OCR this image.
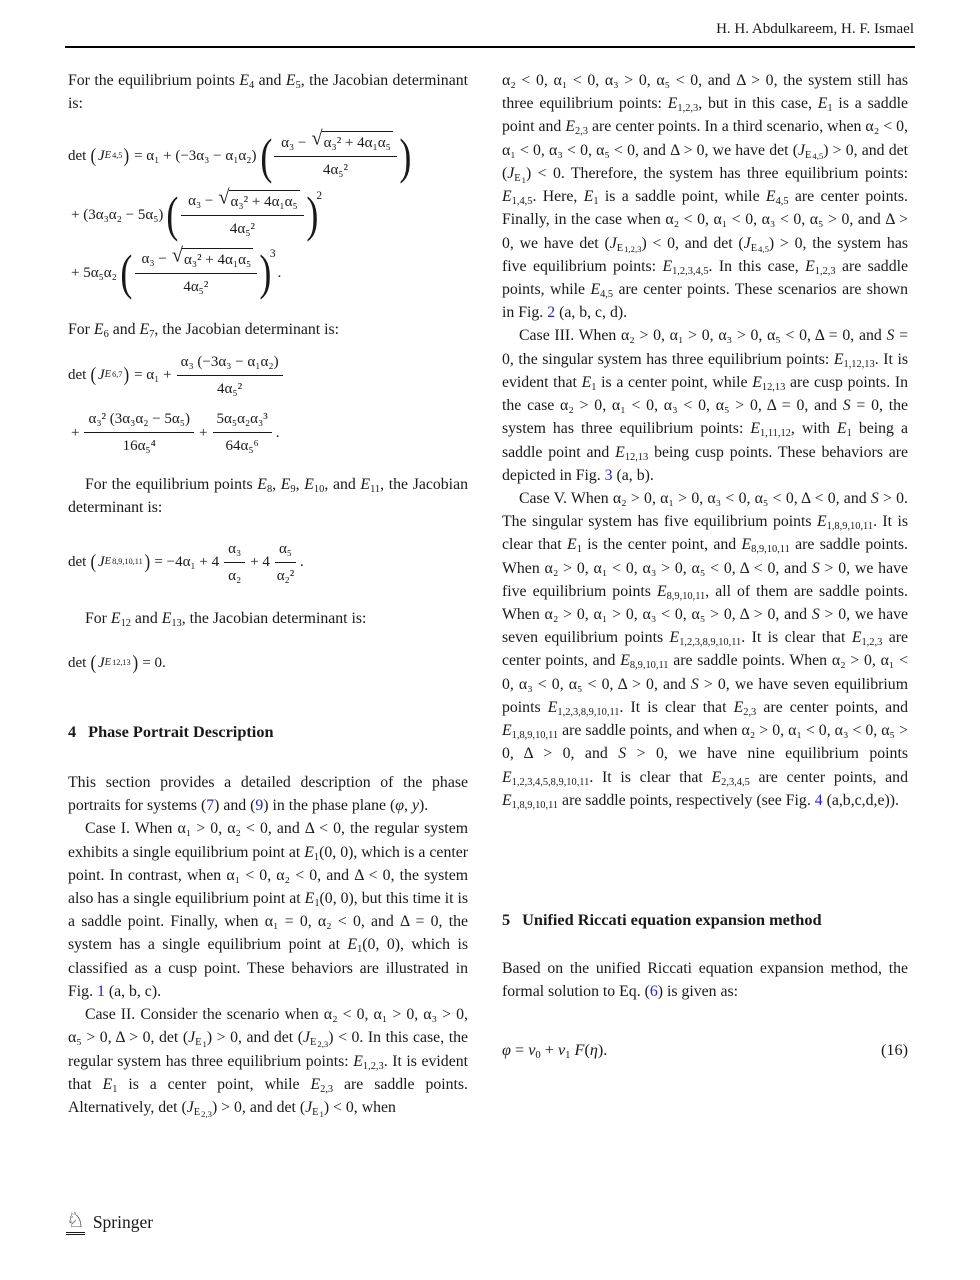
H. H. Abdulkareem, H. F. Ismael

For the equilibrium points $E_4$ and $E_5$, the Jacobian determinant is:

det ( J E 4,5 ) = α₁ + (−3α₃ − α₁α₂) ( $\frac{\text{α₃ − √ α₃² + 4α₁α₅}}{\text{4α₅²}}$ )
+ (3α₃α₂ − 5α₅) ( $\frac{\text{α₃ − √ α₃² + 4α₁α₅}}{\text{4α₅²}}$ )
2
+ 5α₅α₂ ( $\frac{\text{α₃ − √ α₃² + 4α₁α₅}}{\text{4α₅²}}$ )
3
.

For $E_6$ and $E_7$, the Jacobian determinant is:

det ( J E 6,7 ) = $\alpha_1 + \frac{\text{α₃ (−3α₃ − α₁α₂)}}{\text{4α₅²}}$
+ $\frac{\text{α₃² (3α₃α₂ − 5α₅)}}{\text{16α₅⁴}} + \frac{\text{5α₅α₂α₃³}}{\text{64α₅⁶}}$ .

For the equilibrium points $E_8$, $E_9$, $E_{10}$, and $E_{11}$, the Jacobian determinant is:

det ( J E 8,9,10,11 ) = $-4\alpha_1 + 4 \frac{\text{α₃}}{\text{α₂}} + 4 \frac{\text{α₅}}{\text{α₂²}}$ .

For $E_{12}$ and $E_{13}$, the Jacobian determinant is:

det ( J E 12,13 ) = 0.
4 Phase Portrait Description

This section provides a detailed description of the phase portraits for systems (7) and (9) in the phase plane (φ, y).

Case I. When α₁ > 0, α₂ < 0, and Δ < 0, the regular system exhibits a single equilibrium point at $E_1(0$, 0), which is a center point. In contrast, when α₁ < 0, α₂ < 0, and Δ < 0, the system also has a single equilibrium point at $E_1(0$, 0), but this time it is a saddle point. Finally, when α₁ = 0, α₂ < 0, and Δ = 0, the system has a single equilibrium point at $E_1(0$, 0), which is classified as a cusp point. These behaviors are illustrated in Fig. 1 (a, b, c).

Case II. Consider the scenario when α₂ < 0, α₁ > 0, α₃ > 0, α₅ > 0, Δ > 0, $\det (J_{E1}) > 0$, and $\det (J_{E2,3}) < 0$. In this case, the regular system has three equilibrium points: $E_{1,2,3}$. It is evident that $E_1$ is a center point, while $E_{2,3}$ are saddle points. Alternatively, $\det (J_{E2,3}) > 0$, and $\det (J_{E1}) < 0$, when

α₂ < 0, α₁ < 0, α₃ > 0, α₅ < 0, and Δ > 0, the system still has three equilibrium points: $E_{1,2,3}$, but in this case, $E_1$ is a saddle point and $E_{2,3}$ are center points. In a third scenario, when α₂ < 0, α₁ < 0, α₃ < 0, α₅ < 0, and Δ > 0, we have $\det (J_{E4,5}) > 0$, and $\det (J_{E1}) < 0$. Therefore, the system has three equilibrium points: $E_{1,4,5}$. Here, $E_1$ is a saddle point, while $E_{4,5}$ are center points. Finally, in the case when α₂ < 0, α₁ < 0, α₃ < 0, α₅ > 0, and Δ > 0, we have $\det (J_{E1,2,3}) < 0$, and $\det (J_{E4,5}) > 0$, the system has five equilibrium points: $E_{1,2,3,4,5}$. In this case, $E_{1,2,3}$ are saddle points, while $E_{4,5}$ are center points. These scenarios are shown in Fig. 2 (a, b, c, d).

Case III. When α₂ > 0, α₁ > 0, α₃ > 0, α₅ < 0, Δ = 0, and S = 0, the singular system has three equilibrium points: $E_{1,12,13}$. It is evident that $E_1$ is a center point, while $E_{12,13}$ are cusp points. In the case α₂ > 0, α₁ < 0, α₃ < 0, α₅ > 0, Δ = 0, and S = 0, the system has three equilibrium points: $E_{1,11,12}$, with $E_1$ being a saddle point and $E_{12,13}$ being cusp points. These behaviors are depicted in Fig. 3 (a, b).

Case V. When α₂ > 0, α₁ > 0, α₃ < 0, α₅ < 0, Δ < 0, and S > 0. The singular system has five equilibrium points $E_{1,8,9,10,11}$. It is clear that $E_1$ is the center point, and $E_{8,9,10,11}$ are saddle points. When α₂ > 0, α₁ < 0, α₃ > 0, α₅ < 0, Δ < 0, and S > 0, we have five equilibrium points $E_{8,9,10,11}$, all of them are saddle points. When α₂ > 0, α₁ > 0, α₃ < 0, α₅ > 0, Δ > 0, and S > 0, we have seven equilibrium points $E_{1,2,3,8,9,10,11}$. It is clear that $E_{1,2,3}$ are center points, and $E_{8,9,10,11}$ are saddle points. When α₂ > 0, α₁ < 0, α₃ < 0, α₅ < 0, Δ > 0, and S > 0, we have seven equilibrium points $E_{1,2,3,8,9,10,11}$. It is clear that $E_{2,3}$ are center points, and $E_{1,8,9,10,11}$ are saddle points, and when α₂ > 0, α₁ < 0, α₃ < 0, α₅ > 0, Δ > 0, and S > 0, we have nine equilibrium points $E_{1,2,3,4,5,8,9,10,11}$. It is clear that $E_{2,3,4,5}$ are center points, and $E_{1,8,9,10,11}$ are saddle points, respectively (see Fig. 4 (a,b,c,d,e)).

5 Unified Riccati equation expansion method

Based on the unified Riccati equation expansion method, the formal solution to Eq. (6) is given as:

$\varphi = v_0 + v_1$ F(η).	(16)
♘ Springer
